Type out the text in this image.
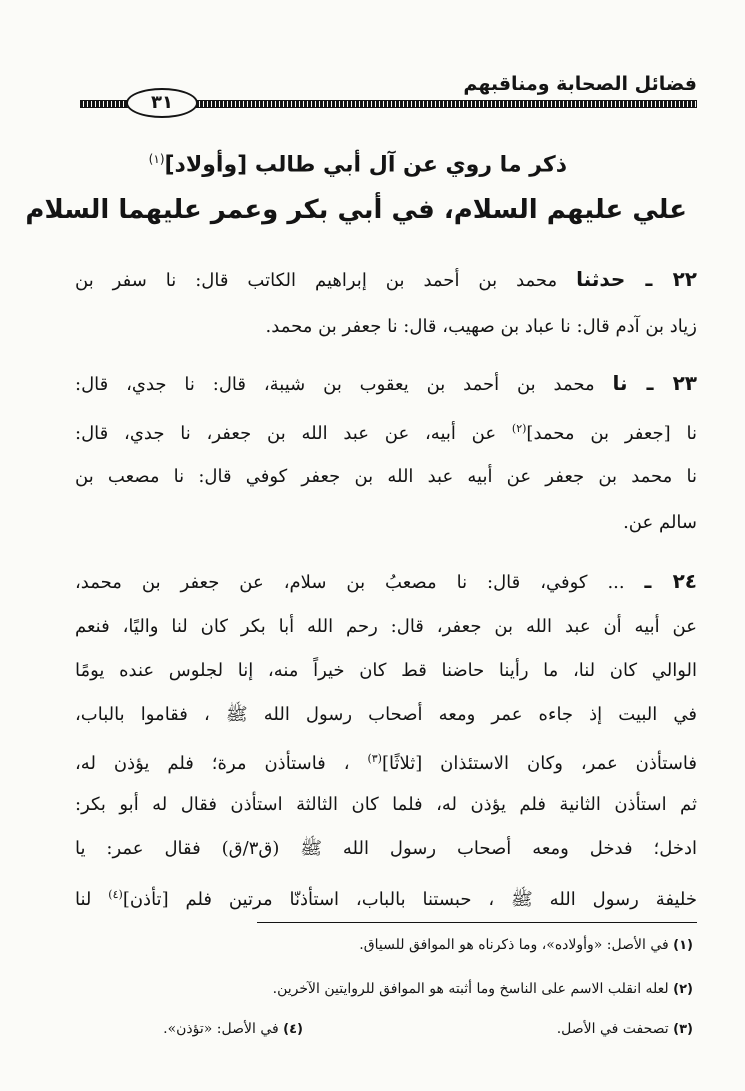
فضائل الصحابة ومناقبهم
٣١
ذكر ما روي عن آل أبي طالب [وأولاد]$^{(١)}$
علي عليهم السلام، في أبي بكر وعمر عليهما السلام
٢٢ ـ حدثنا محمد بن أحمد بن إبراهيم الكاتب قال: نا سفر بن
زياد بن آدم قال: نا عباد بن صهيب، قال: نا جعفر بن محمد.
٢٣ ـ نا محمد بن أحمد بن يعقوب بن شيبة، قال: نا جدي، قال:
نا [جعفر بن محمد]$^{(٢)}$ عن أبيه، عن عبد الله بن جعفر، نا جدي، قال:
نا محمد بن جعفر عن أبيه عبد الله بن جعفر كوفي قال: نا مصعب بن
سالم عن.
٢٤ ـ ... كوفي، قال: نا مصعبُ بن سلام، عن جعفر بن محمد،
عن أبيه أن عبد الله بن جعفر، قال: رحم الله أبا بكر كان لنا واليًا، فنعم
الوالي كان لنا، ما رأينا حاضنا قط كان خيراً منه، إنا لجلوس عنده يومًا
في البيت إذ جاءه عمر ومعه أصحاب رسول الله ﷺ ، فقاموا بالباب،
فاستأذن عمر، وكان الاستئذان [ثلاثًا]$^{(٣)}$ ، فاستأذن مرة؛ فلم يؤذن له،
ثم استأذن الثانية فلم يؤذن له، فلما كان الثالثة استأذن فقال له أبو بكر:
ادخل؛ فدخل ومعه أصحاب رسول الله ﷺ (ق٣/ق) فقال عمر: يا
خليفة رسول الله ﷺ ، حبستنا بالباب، استأذنّا مرتين فلم [تأذن]$^{(٤)}$ لنا
(١) في الأصل: «وأولاده»، وما ذكرناه هو الموافق للسياق.
(٢) لعله انقلب الاسم على الناسخ وما أثبته هو الموافق للروايتين الآخرين.
(٣) تصحفت في الأصل.
(٤) في الأصل: «تؤذن».
